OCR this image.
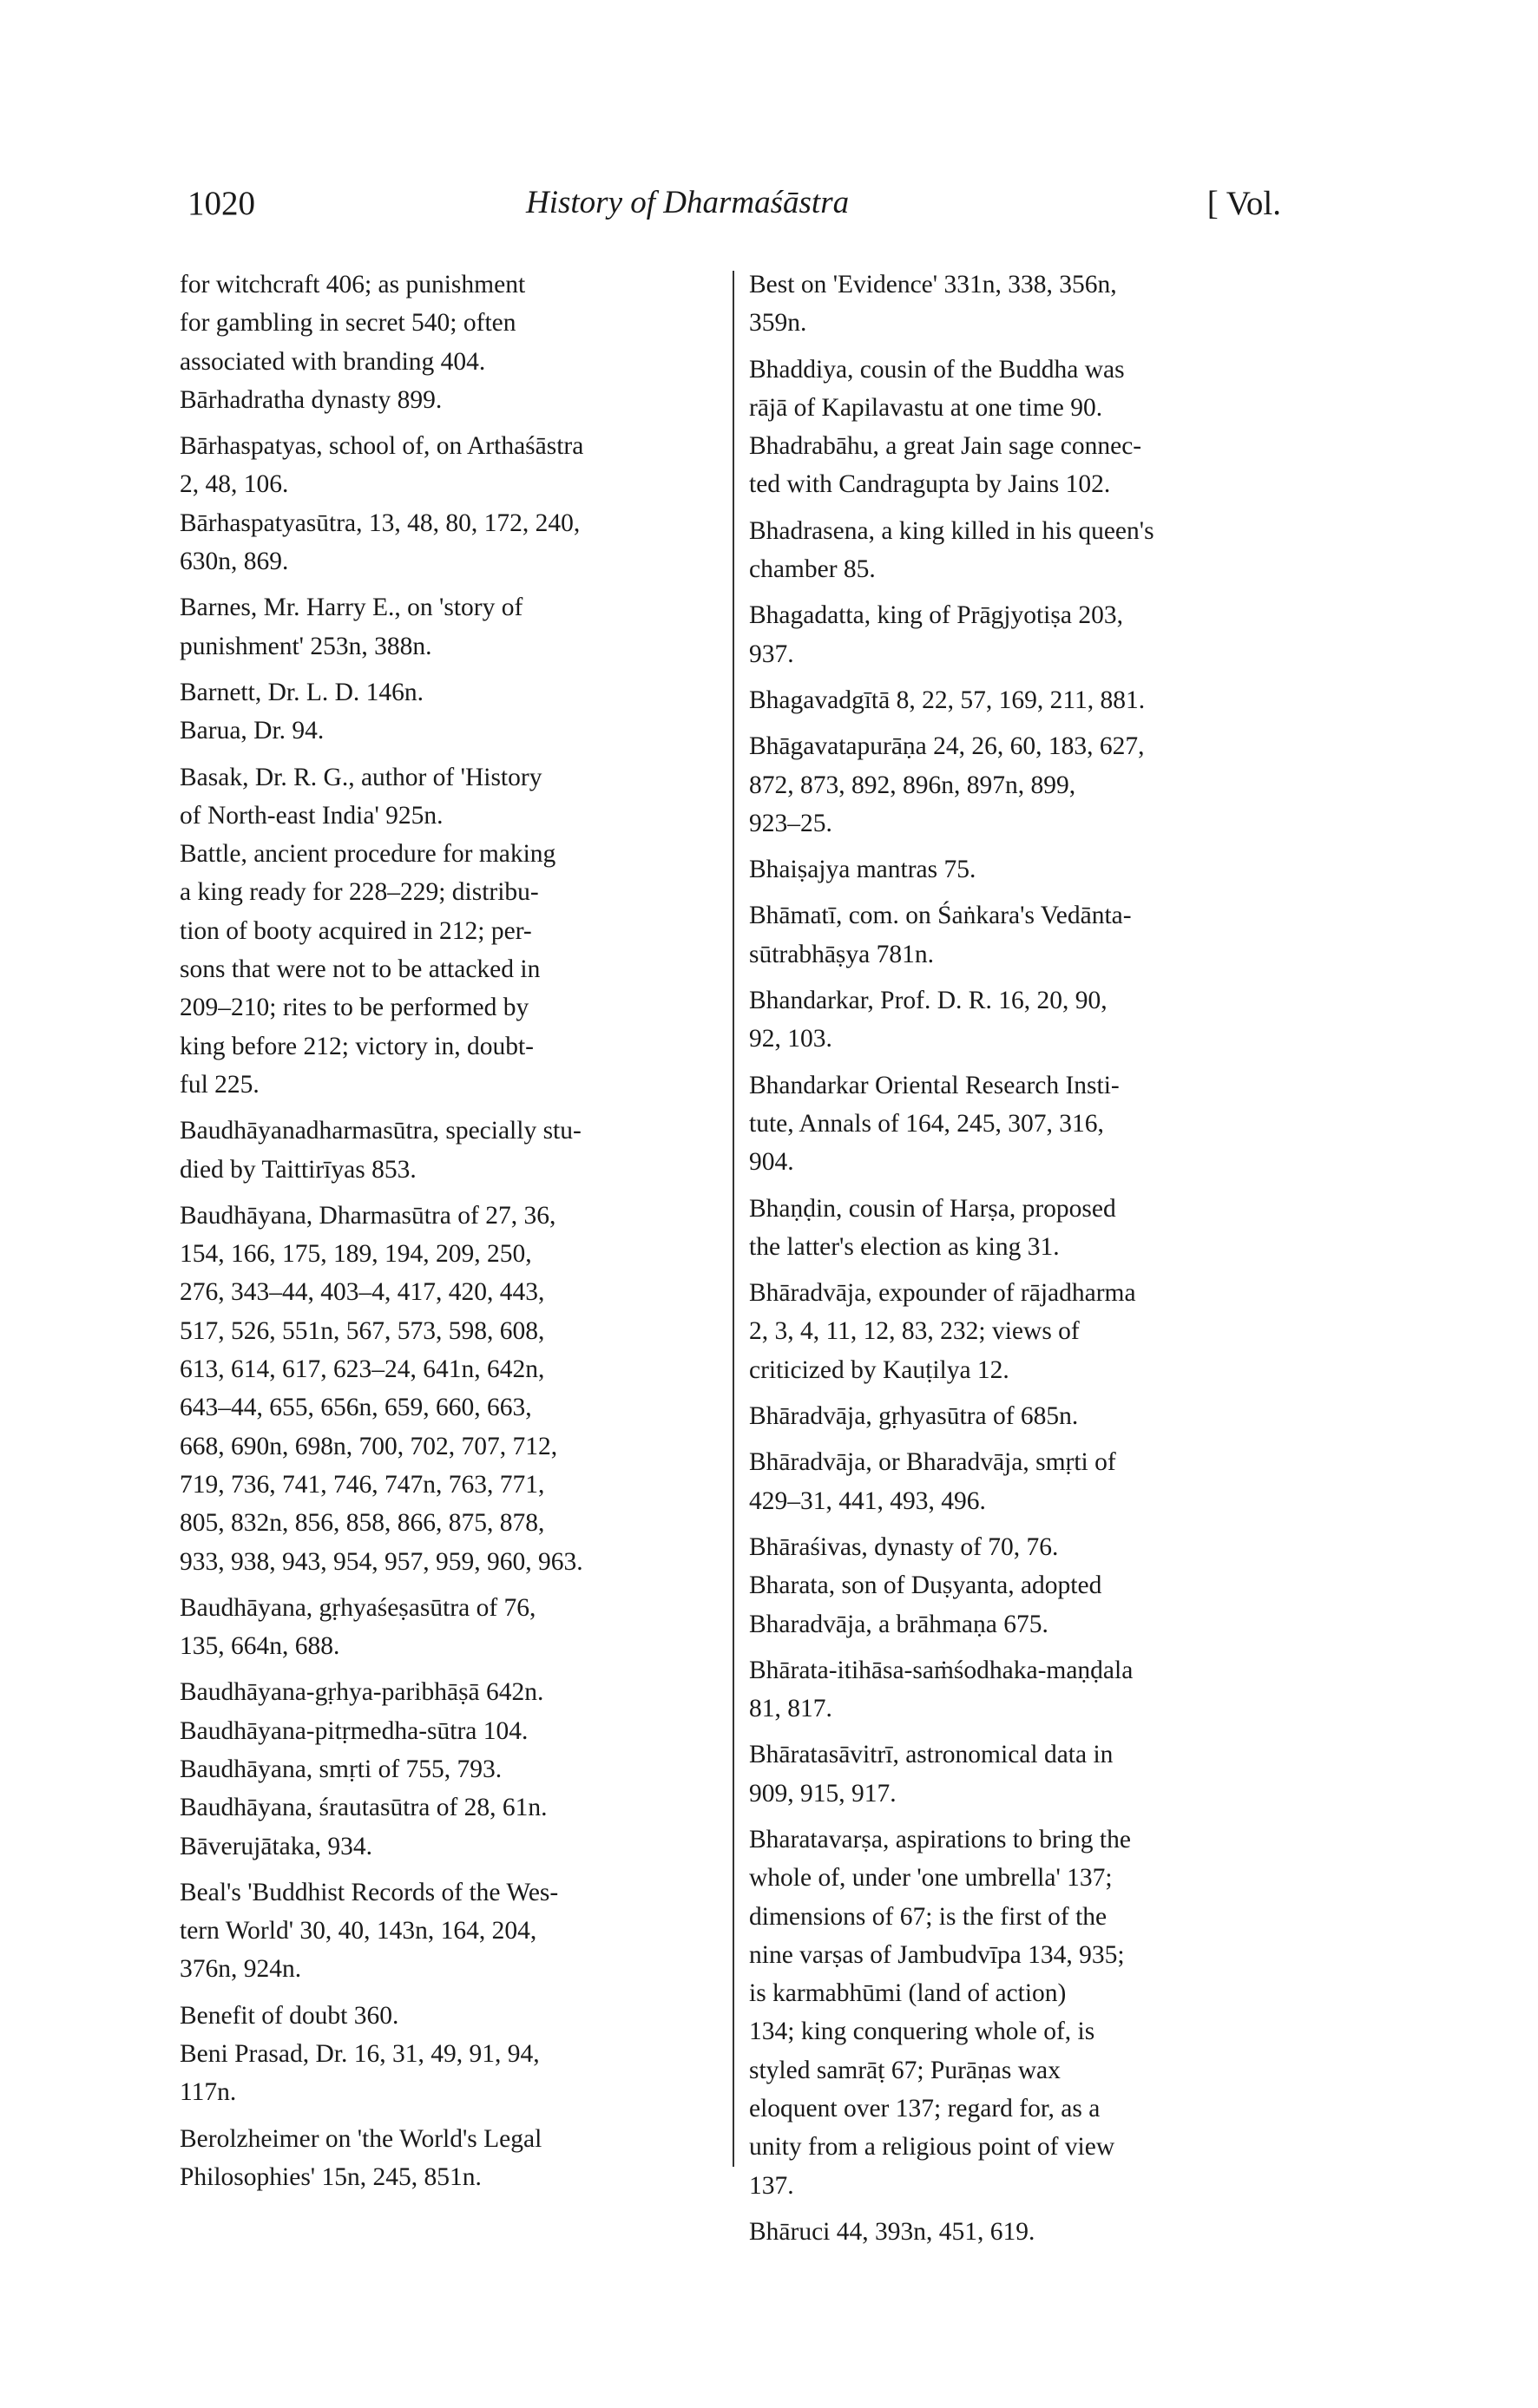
1020	History of Dharmaśāstra	[ Vol.
for witchcraft 406; as punishment
for gambling in secret 540; often
associated with branding 404.
Bārhadratha dynasty 899.
Bārhaspatyas, school of, on Arthaśāstra
2, 48, 106.
Bārhaspatyasūtra, 13, 48, 80, 172, 240,
630n, 869.
Barnes, Mr. Harry E., on 'story of
punishment' 253n, 388n.
Barnett, Dr. L. D. 146n.
Barua, Dr. 94.
Basak, Dr. R. G., author of 'History
of North-east India' 925n.
Battle, ancient procedure for making
a king ready for 228–229; distribu-
tion of booty acquired in 212; per-
sons that were not to be attacked in
209–210; rites to be performed by
king before 212; victory in, doubt-
ful 225.
Baudhāyanadharmasūtra, specially stu-
died by Taittirīyas 853.
Baudhāyana, Dharmasūtra of 27, 36,
154, 166, 175, 189, 194, 209, 250,
276, 343–44, 403–4, 417, 420, 443,
517, 526, 551n, 567, 573, 598, 608,
613, 614, 617, 623–24, 641n, 642n,
643–44, 655, 656n, 659, 660, 663,
668, 690n, 698n, 700, 702, 707, 712,
719, 736, 741, 746, 747n, 763, 771,
805, 832n, 856, 858, 866, 875, 878,
933, 938, 943, 954, 957, 959, 960, 963.
Baudhāyana, gṛhyaśeṣasūtra of 76,
135, 664n, 688.
Baudhāyana-gṛhya-paribhāṣā 642n.
Baudhāyana-pitṛmedha-sūtra 104.
Baudhāyana, smṛti of 755, 793.
Baudhāyana, śrautasūtra of 28, 61n.
Bāverujātaka, 934.
Beal's 'Buddhist Records of the Wes-
tern World' 30, 40, 143n, 164, 204,
376n, 924n.
Benefit of doubt 360.
Beni Prasad, Dr. 16, 31, 49, 91, 94,
117n.
Berolzheimer on 'the World's Legal
Philosophies' 15n, 245, 851n.
Best on 'Evidence' 331n, 338, 356n,
359n.
Bhaddiya, cousin of the Buddha was
rājā of Kapilavastu at one time 90.
Bhadrabāhu, a great Jain sage connec-
ted with Candragupta by Jains 102.
Bhadrasena, a king killed in his queen's
chamber 85.
Bhagadatta, king of Prāgjyotiṣa 203,
937.
Bhagavadgītā 8, 22, 57, 169, 211, 881.
Bhāgavatapurāṇa 24, 26, 60, 183, 627,
872, 873, 892, 896n, 897n, 899,
923–25.
Bhaiṣajya mantras 75.
Bhāmatī, com. on Śaṅkara's Vedānta-
sūtrabhāṣya 781n.
Bhandarkar, Prof. D. R. 16, 20, 90,
92, 103.
Bhandarkar Oriental Research Insti-
tute, Annals of 164, 245, 307, 316,
904.
Bhaṇḍin, cousin of Harṣa, proposed
the latter's election as king 31.
Bhāradvāja, expounder of rājadharma
2, 3, 4, 11, 12, 83, 232; views of
criticized by Kauṭilya 12.
Bhāradvāja, gṛhyasūtra of 685n.
Bhāradvāja, or Bharadvāja, smṛti of
429–31, 441, 493, 496.
Bhāraśivas, dynasty of 70, 76.
Bharata, son of Duṣyanta, adopted
Bharadvāja, a brāhmaṇa 675.
Bhārata-itihāsa-saṁśodhaka-maṇḍala
81, 817.
Bhāratasāvitrī, astronomical data in
909, 915, 917.
Bharatavarṣa, aspirations to bring the
whole of, under 'one umbrella' 137;
dimensions of 67; is the first of the
nine varṣas of Jambudvīpa 134, 935;
is karmabhūmi (land of action)
134; king conquering whole of, is
styled samrāṭ 67; Purāṇas wax
eloquent over 137; regard for, as a
unity from a religious point of view
137.
Bhāruci 44, 393n, 451, 619.
